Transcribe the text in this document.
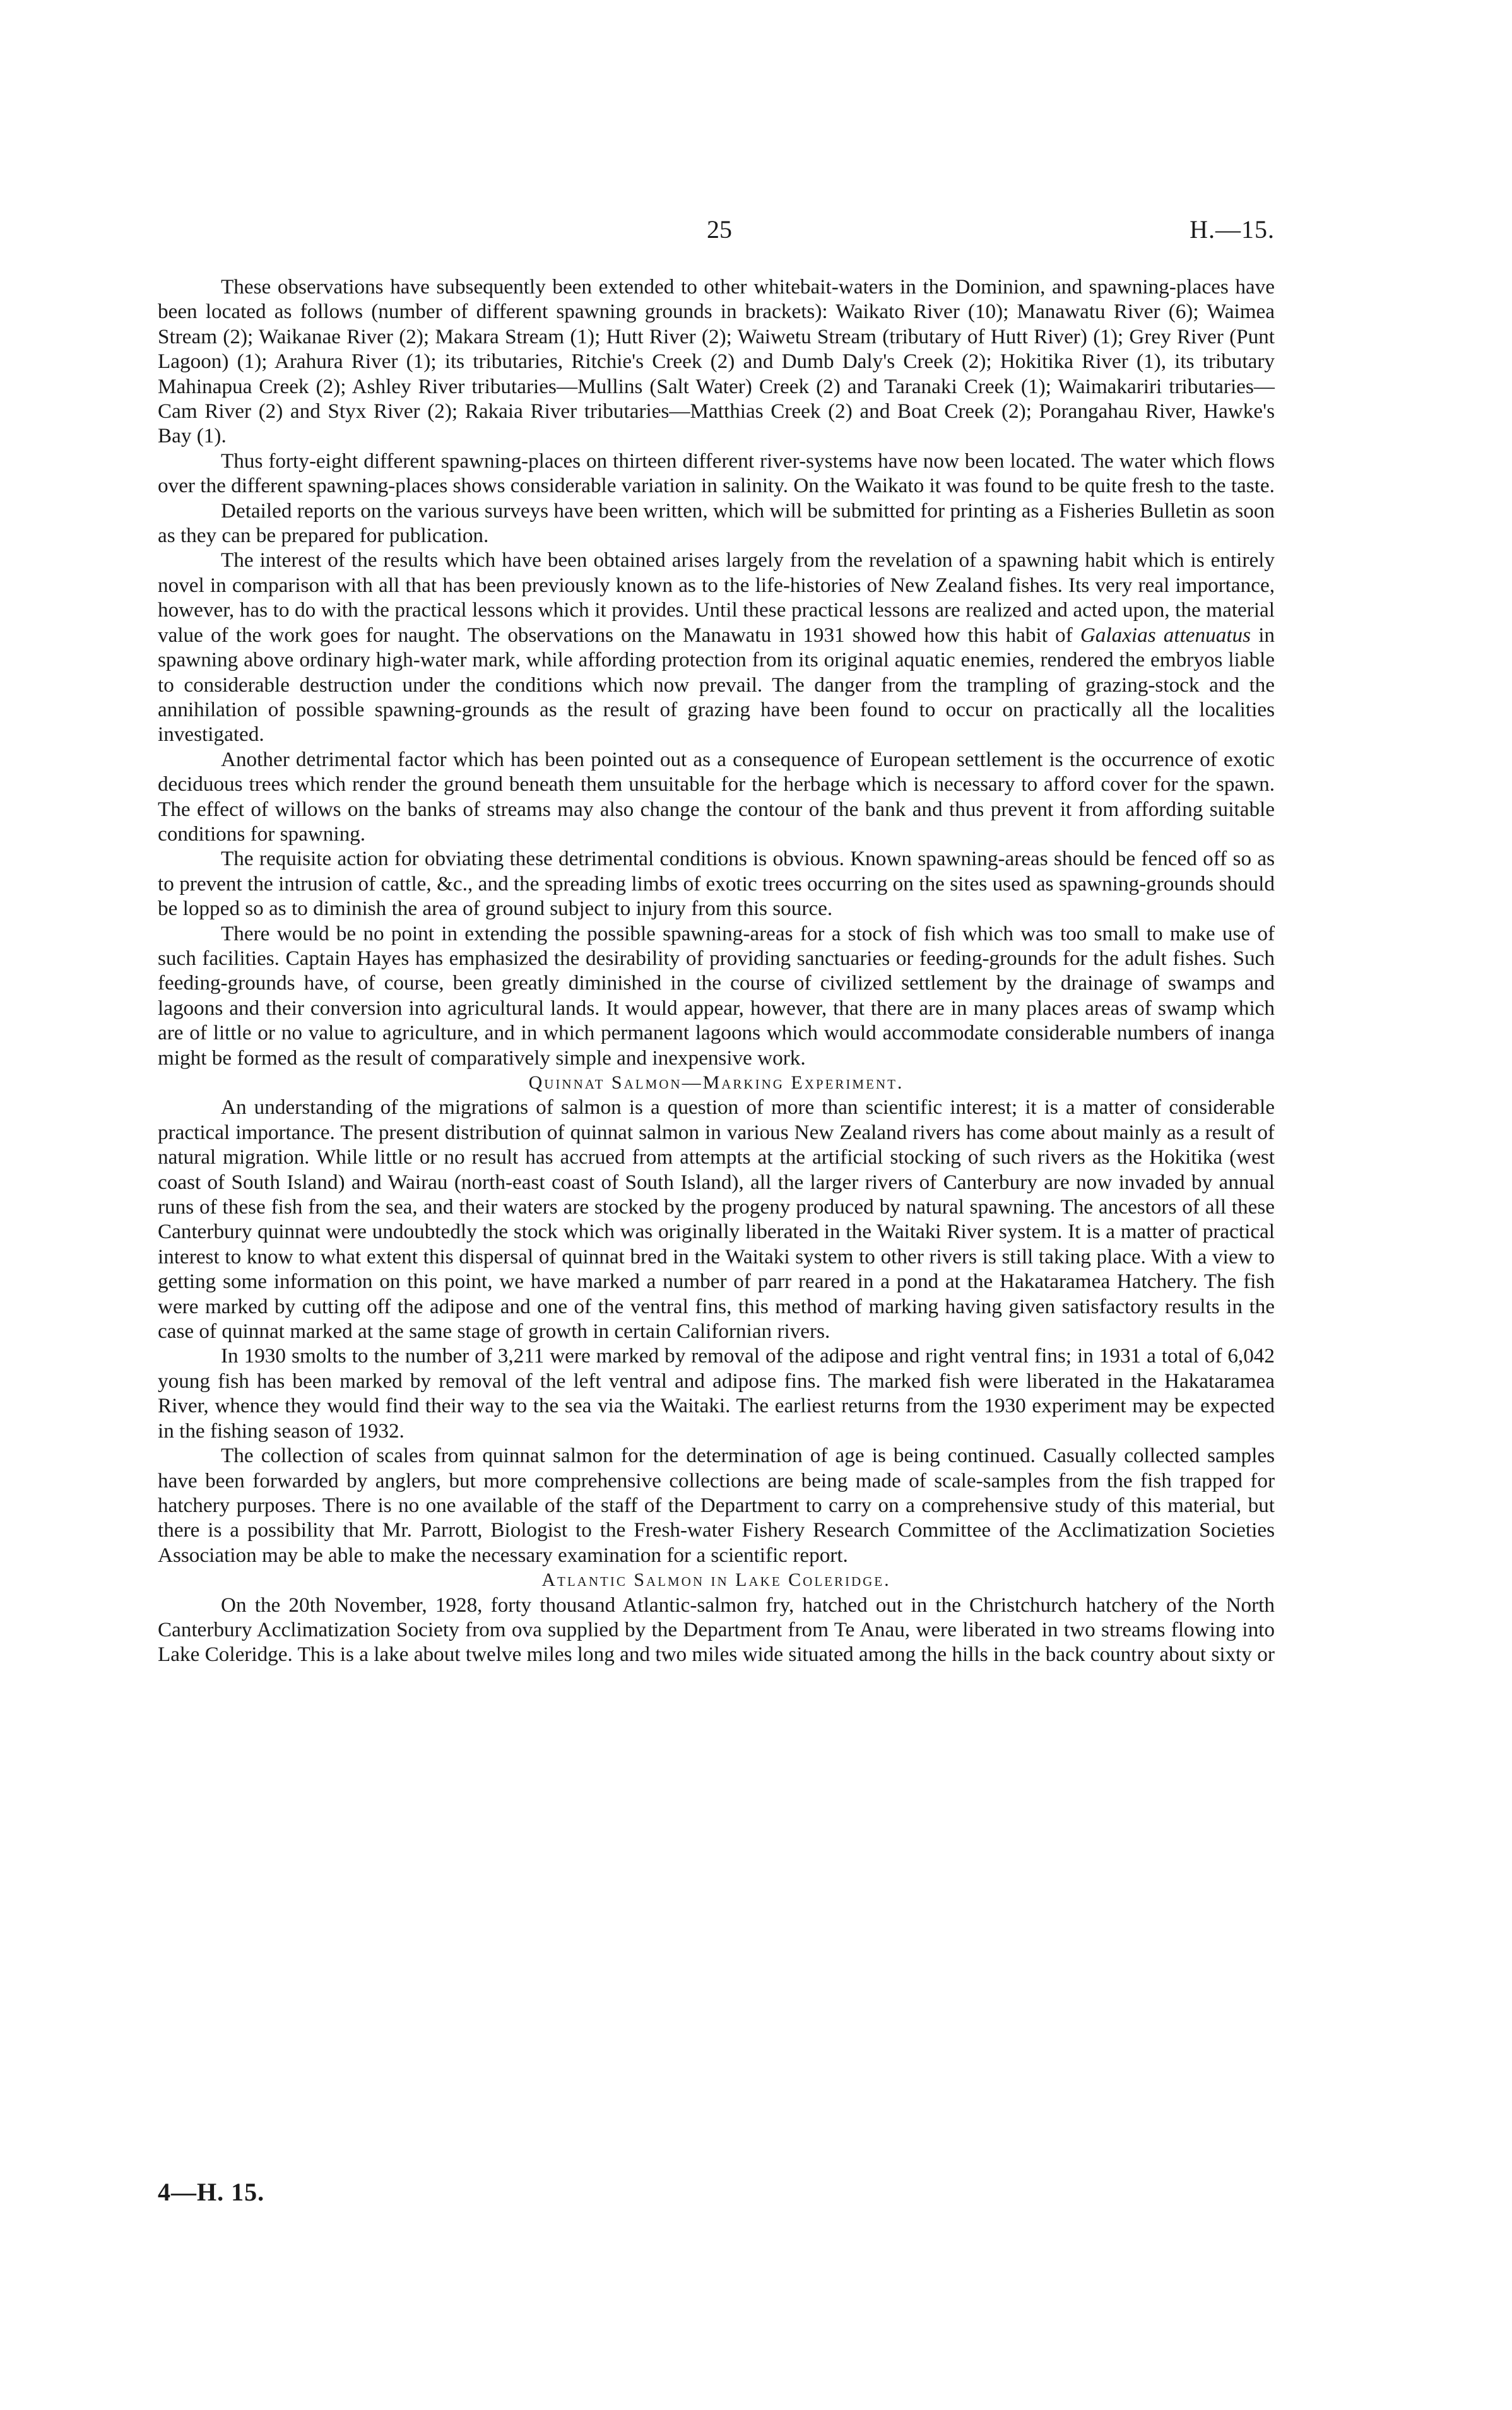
25	H.—15.

These observations have subsequently been extended to other whitebait-waters in the Dominion, and spawning-places have been located as follows (number of different spawning grounds in brackets): Waikato River (10); Manawatu River (6); Waimea Stream (2); Waikanae River (2); Makara Stream (1); Hutt River (2); Waiwetu Stream (tributary of Hutt River) (1); Grey River (Punt Lagoon) (1); Arahura River (1); its tributaries, Ritchie's Creek (2) and Dumb Daly's Creek (2); Hokitika River (1), its tributary Mahinapua Creek (2); Ashley River tributaries—Mullins (Salt Water) Creek (2) and Taranaki Creek (1); Waimakariri tributaries—Cam River (2) and Styx River (2); Rakaia River tributaries—Matthias Creek (2) and Boat Creek (2); Porangahau River, Hawke's Bay (1).

Thus forty-eight different spawning-places on thirteen different river-systems have now been located. The water which flows over the different spawning-places shows considerable variation in salinity. On the Waikato it was found to be quite fresh to the taste.

Detailed reports on the various surveys have been written, which will be submitted for printing as a Fisheries Bulletin as soon as they can be prepared for publication.

The interest of the results which have been obtained arises largely from the revelation of a spawning habit which is entirely novel in comparison with all that has been previously known as to the life-histories of New Zealand fishes. Its very real importance, however, has to do with the practical lessons which it provides. Until these practical lessons are realized and acted upon, the material value of the work goes for naught. The observations on the Manawatu in 1931 showed how this habit of Galaxias attenuatus in spawning above ordinary high-water mark, while affording protection from its original aquatic enemies, rendered the embryos liable to considerable destruction under the conditions which now prevail. The danger from the trampling of grazing-stock and the annihilation of possible spawning-grounds as the result of grazing have been found to occur on practically all the localities investigated.

Another detrimental factor which has been pointed out as a consequence of European settlement is the occurrence of exotic deciduous trees which render the ground beneath them unsuitable for the herbage which is necessary to afford cover for the spawn. The effect of willows on the banks of streams may also change the contour of the bank and thus prevent it from affording suitable conditions for spawning.

The requisite action for obviating these detrimental conditions is obvious. Known spawning-areas should be fenced off so as to prevent the intrusion of cattle, &c., and the spreading limbs of exotic trees occurring on the sites used as spawning-grounds should be lopped so as to diminish the area of ground subject to injury from this source.

There would be no point in extending the possible spawning-areas for a stock of fish which was too small to make use of such facilities. Captain Hayes has emphasized the desirability of providing sanctuaries or feeding-grounds for the adult fishes. Such feeding-grounds have, of course, been greatly diminished in the course of civilized settlement by the drainage of swamps and lagoons and their conversion into agricultural lands. It would appear, however, that there are in many places areas of swamp which are of little or no value to agriculture, and in which permanent lagoons which would accommodate considerable numbers of inanga might be formed as the result of comparatively simple and inexpensive work.

Quinnat Salmon—Marking Experiment.

An understanding of the migrations of salmon is a question of more than scientific interest; it is a matter of considerable practical importance. The present distribution of quinnat salmon in various New Zealand rivers has come about mainly as a result of natural migration. While little or no result has accrued from attempts at the artificial stocking of such rivers as the Hokitika (west coast of South Island) and Wairau (north-east coast of South Island), all the larger rivers of Canterbury are now invaded by annual runs of these fish from the sea, and their waters are stocked by the progeny produced by natural spawning. The ancestors of all these Canterbury quinnat were undoubtedly the stock which was originally liberated in the Waitaki River system. It is a matter of practical interest to know to what extent this dispersal of quinnat bred in the Waitaki system to other rivers is still taking place. With a view to getting some information on this point, we have marked a number of parr reared in a pond at the Hakataramea Hatchery. The fish were marked by cutting off the adipose and one of the ventral fins, this method of marking having given satisfactory results in the case of quinnat marked at the same stage of growth in certain Californian rivers.

In 1930 smolts to the number of 3,211 were marked by removal of the adipose and right ventral fins; in 1931 a total of 6,042 young fish has been marked by removal of the left ventral and adipose fins. The marked fish were liberated in the Hakataramea River, whence they would find their way to the sea via the Waitaki. The earliest returns from the 1930 experiment may be expected in the fishing season of 1932.

The collection of scales from quinnat salmon for the determination of age is being continued. Casually collected samples have been forwarded by anglers, but more comprehensive collections are being made of scale-samples from the fish trapped for hatchery purposes. There is no one available of the staff of the Department to carry on a comprehensive study of this material, but there is a possibility that Mr. Parrott, Biologist to the Fresh-water Fishery Research Committee of the Acclimatization Societies Association may be able to make the necessary examination for a scientific report.

Atlantic Salmon in Lake Coleridge.

On the 20th November, 1928, forty thousand Atlantic-salmon fry, hatched out in the Christchurch hatchery of the North Canterbury Acclimatization Society from ova supplied by the Department from Te Anau, were liberated in two streams flowing into Lake Coleridge. This is a lake about twelve miles long and two miles wide situated among the hills in the back country about sixty or

4—H. 15.
